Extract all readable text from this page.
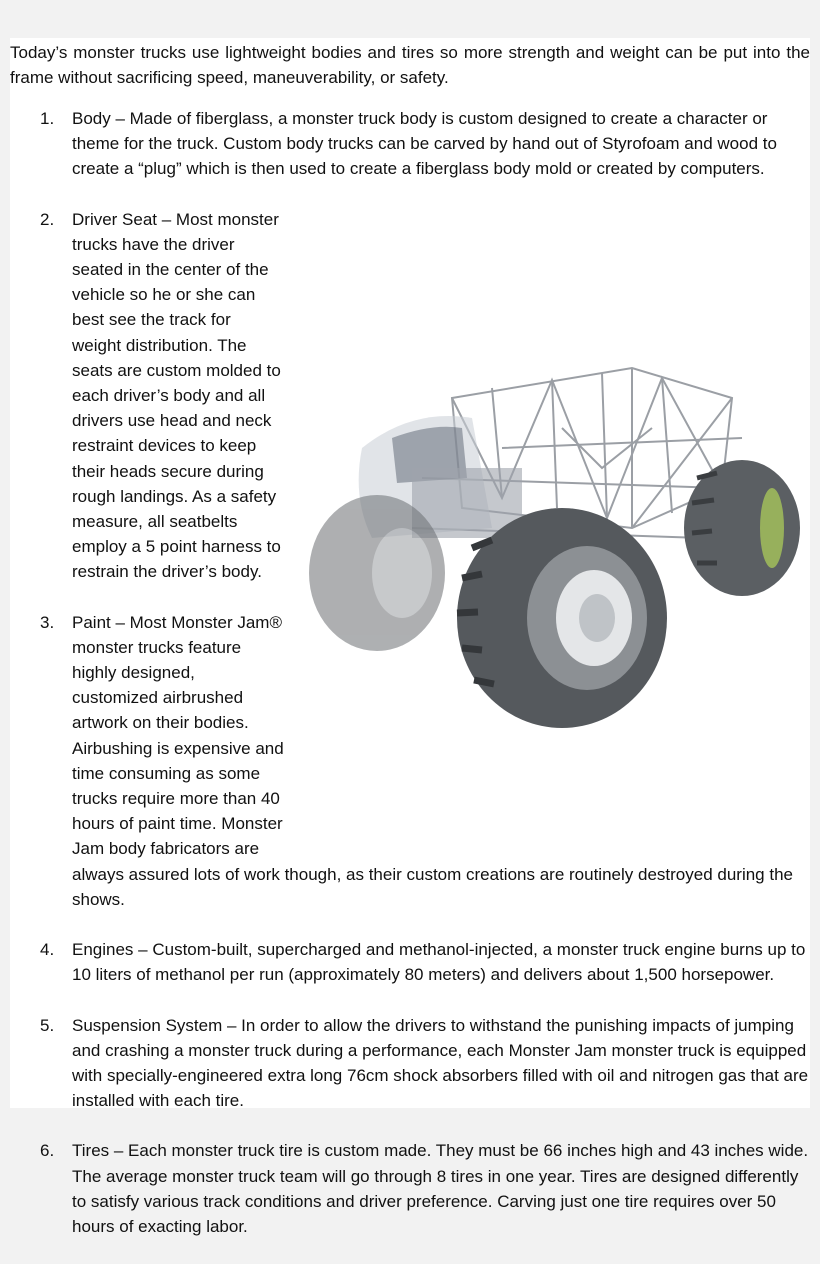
Today’s monster trucks use lightweight bodies and tires so more strength and weight can be put into the frame without sacrificing speed, maneuverability, or safety.

1. Body – Made of fiberglass, a monster truck body is custom designed to create a character or theme for the truck. Custom body trucks can be carved by hand out of Styrofoam and wood to create a “plug” which is then used to create a fiberglass body mold or created by computers.
2. Driver Seat – Most monster trucks have the driver seated in the center of the vehicle so he or she can best see the track for weight distribution. The seats are custom molded to each driver’s body and all drivers use head and neck restraint devices to keep their heads secure during rough landings. As a safety measure, all seatbelts employ a 5 point harness to restrain the driver’s body.
3. Paint – Most Monster Jam® monster trucks feature highly designed, customized airbrushed artwork on their bodies. Airbushing is expensive and time consuming as some trucks require more than 40 hours of paint time. Monster Jam body fabricators are always assured lots of work though, as their custom creations are routinely destroyed during the shows.
4. Engines – Custom-built, supercharged and methanol-injected, a monster truck engine burns up to 10 liters of methanol per run (approximately 80 meters) and delivers about 1,500 horsepower.
5. Suspension System – In order to allow the drivers to withstand the punishing impacts of jumping and crashing a monster truck during a performance, each Monster Jam monster truck is equipped with specially-engineered extra long 76cm shock absorbers filled with oil and nitrogen gas that are installed with each tire.
6. Tires – Each monster truck tire is custom made. They must be 66 inches high and 43 inches wide. The average monster truck team will go through 8 tires in one year. Tires are designed differently to satisfy various track conditions and driver preference. Carving just one tire requires over 50 hours of exacting labor.
